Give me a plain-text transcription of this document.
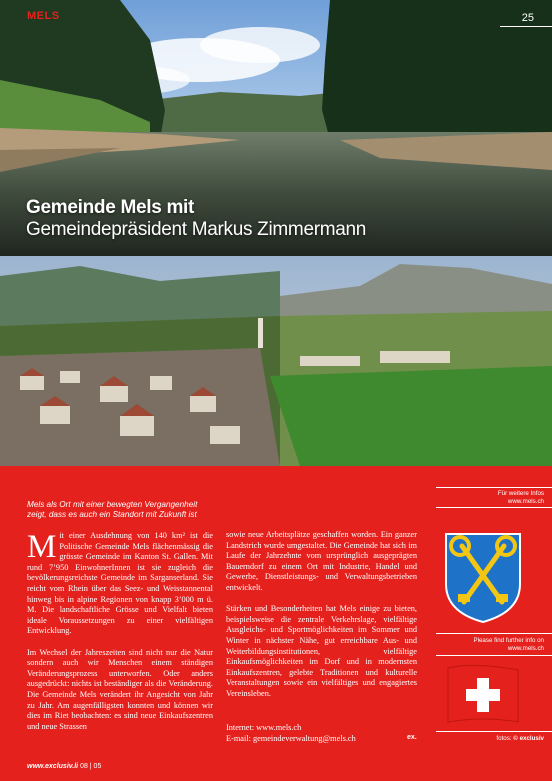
MELS	25
Gemeinde Mels mit
Gemeindepräsident Markus Zimmermann
Mels als Ort mit einer bewegten Vergangenheit zeigt, dass es auch ein Standort mit Zukunft ist

Mit einer Ausdehnung von 140 km² ist die Politische Gemeinde Mels flächenmässig die grösste Gemeinde im Kanton St. Gallen. Mit rund 7’950 EinwohnerInnen ist sie zugleich die bevölkerungsreichste Gemeinde im Sarganserland. Sie reicht vom Rhein über das Seez- und Weisstannental hinweg bis in alpine Regionen von knapp 3’000 m ü. M. Die landschaftliche Grösse und Vielfalt bieten ideale Voraussetzungen zu einer vielfältigen Entwicklung.

Im Wechsel der Jahreszeiten sind nicht nur die Natur sondern auch wir Menschen einem ständigen Veränderungsprozess unterworfen. Oder anders ausgedrückt: nichts ist beständiger als die Veränderung. Die Gemeinde Mels verändert ihr Angesicht von Jahr zu Jahr. Am augenfälligsten konnten und können wir dies im Riet beobachten: es sind neue Einkaufszentren und neue Strassen

sowie neue Arbeitsplätze geschaffen worden. Ein ganzer Landstrich wurde umgestaltet. Die Gemeinde hat sich im Laufe der Jahrzehnte vom ursprünglich ausgeprägten Bauerndorf zu einem Ort mit Industrie, Handel und Gewerbe, Dienstleistungs- und Verwaltungsbetrieben entwickelt.

Stärken und Besonderheiten hat Mels einige zu bieten, beispielsweise die zentrale Verkehrslage, vielfältige Ausgleichs- und Sportmöglichkeiten im Sommer und Winter in nächster Nähe, gut erreichbare Aus- und Weiterbildungsinstitutionen, vielfältige Einkaufsmöglichkeiten im Dorf und in modernsten Einkaufszentren, gelebte Traditionen und kulturelle Veranstaltungen sowie ein vielfältiges und engagiertes Vereinsleben.

Internet: www.mels.ch
E-mail: gemeindeverwaltung@mels.ch	ex.
Für weitere Infos
www.mels.ch
Please find further info on
www.mels.ch
fotos: © exclusiv
www.exclusiv.li 08 | 05
